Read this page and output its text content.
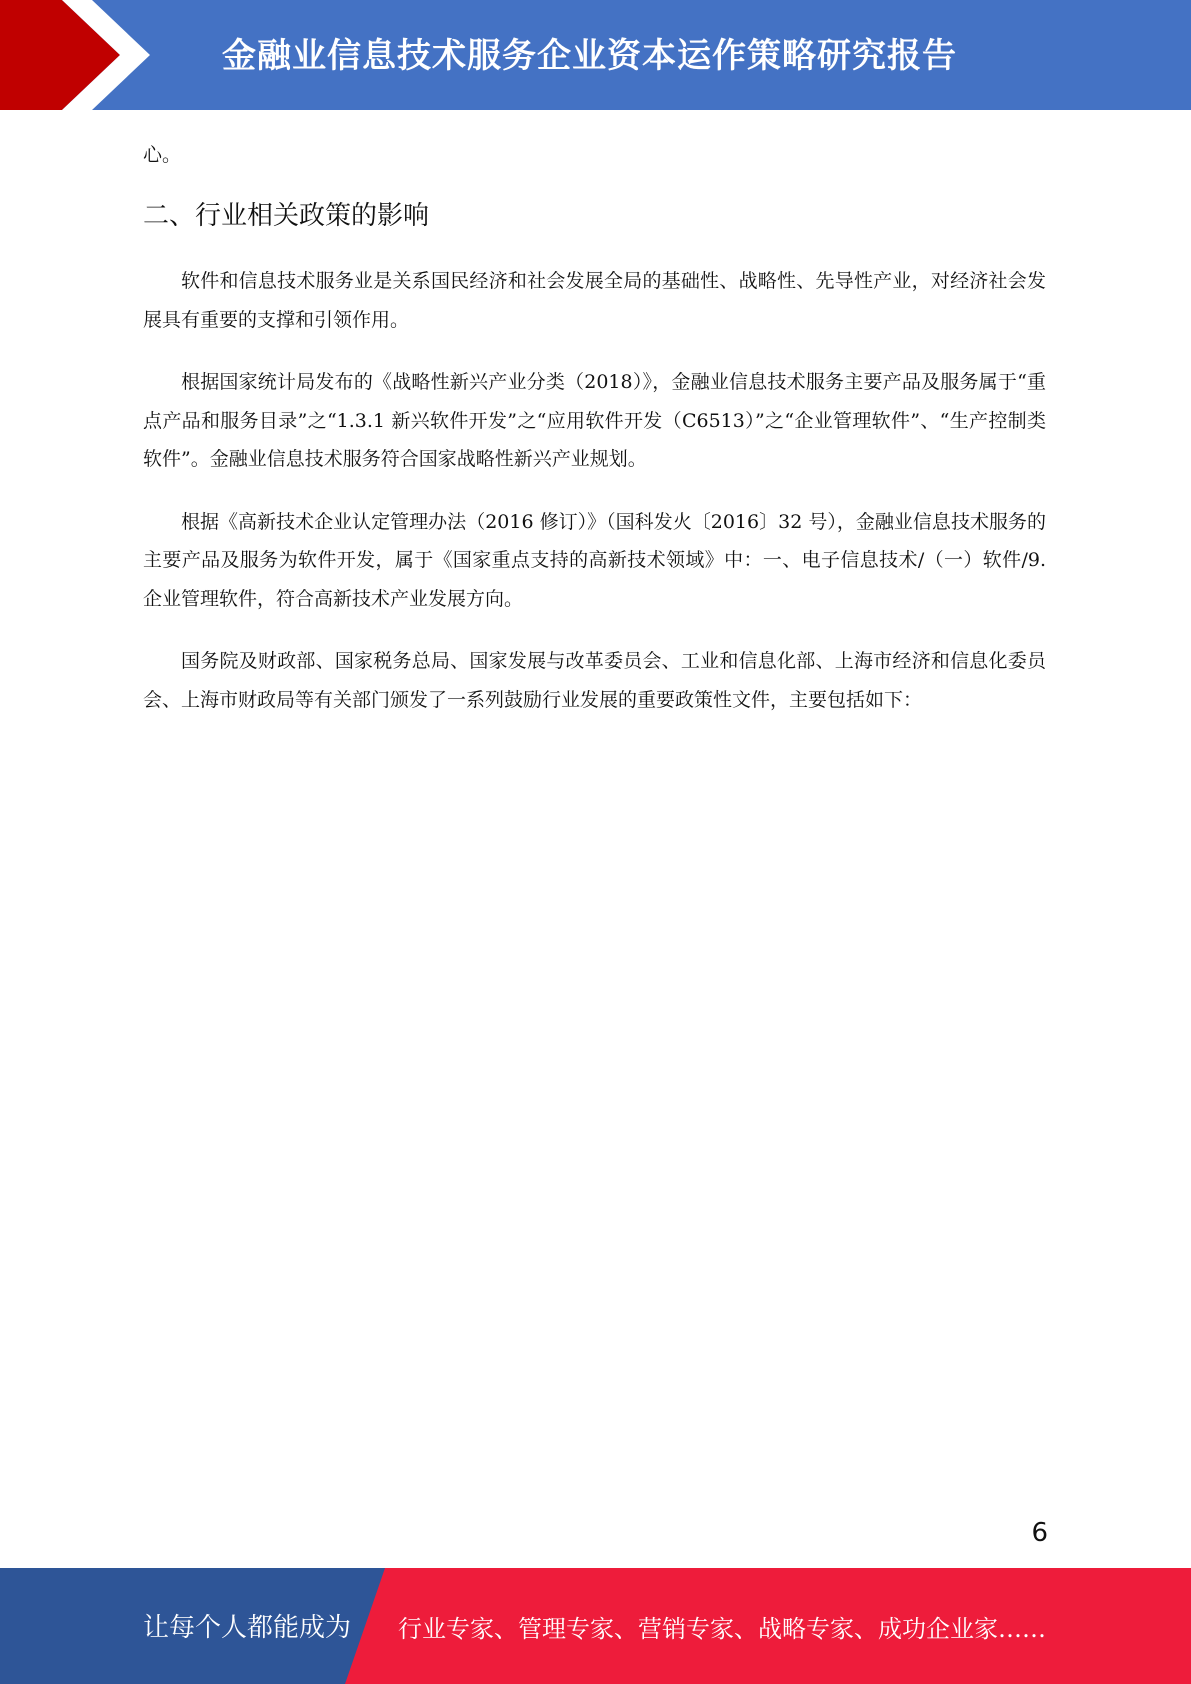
金融业信息技术服务企业资本运作策略研究报告

心。

二、行业相关政策的影响

软件和信息技术服务业是关系国民经济和社会发展全局的基础性、战略性、先导性产业，对经济社会发展具有重要的支撑和引领作用。

根据国家统计局发布的《战略性新兴产业分类（2018）》，金融业信息技术服务主要产品及服务属于“重点产品和服务目录”之“1.3.1 新兴软件开发”之“应用软件开发（C6513）”之“企业管理软件”、“生产控制类软件”。金融业信息技术服务符合国家战略性新兴产业规划。

根据《高新技术企业认定管理办法（2016 修订）》（国科发火〔2016〕32 号），金融业信息技术服务的主要产品及服务为软件开发，属于《国家重点支持的高新技术领域》中：一、电子信息技术/（一）软件/9.企业管理软件，符合高新技术产业发展方向。

国务院及财政部、国家税务总局、国家发展与改革委员会、工业和信息化部、上海市经济和信息化委员会、上海市财政局等有关部门颁发了一系列鼓励行业发展的重要政策性文件，主要包括如下：

6
让每个人都能成为 行业专家、管理专家、营销专家、战略专家、成功企业家……
